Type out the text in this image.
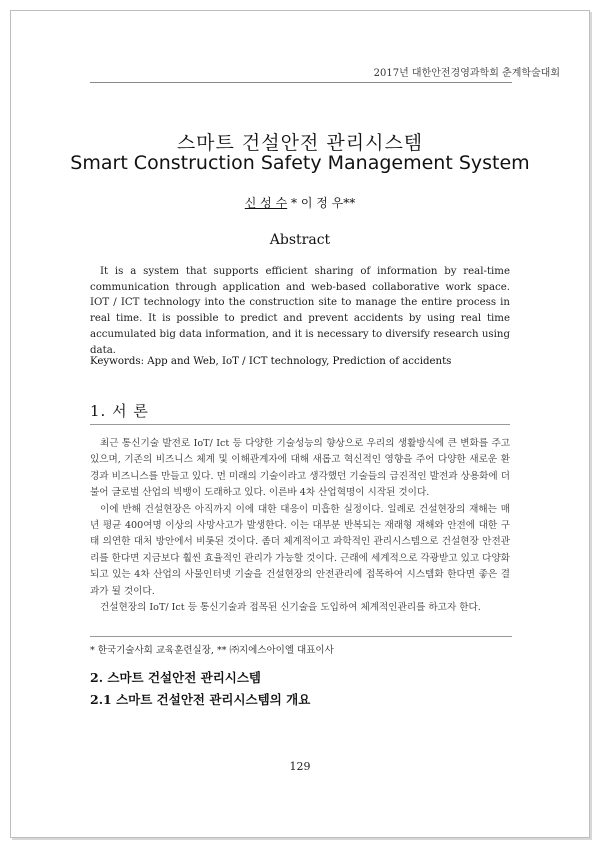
2017년 대한안전경영과학회 춘계학술대회
스마트 건설안전 관리시스템
Smart Construction Safety Management System
신 성 수 * 이 정 우**
Abstract

It is a system that supports efficient sharing of information by real-time communication through application and web-based collaborative work space. IOT / ICT technology into the construction site to manage the entire process in real time. It is possible to predict and prevent accidents by using real time accumulated big data information, and it is necessary to diversify research using data.

Keywords: App and Web, IoT / ICT technology, Prediction of accidents
1. 서 론

최근 통신기술 발전로 IoT/ Ict 등 다양한 기술성능의 향상으로 우리의 생활방식에 큰 변화를 주고 있으며, 기존의 비즈니스 체계 및 이해관계자에 대해 새롭고 혁신적인 영향을 주어 다양한 새로운 환경과 비즈니스를 만들고 있다. 먼 미래의 기술이라고 생각했던 기술들의 급진적인 발전과 상용화에 더불어 글로벌 산업의 빅뱅이 도래하고 있다. 이른바 4차 산업혁명이 시작된 것이다.

이에 반해 건설현장은 아직까지 이에 대한 대응이 미흡한 실정이다. 일례로 건설현장의 재해는 매년 평균 400여명 이상의 사망사고가 발생한다. 이는 대부분 반복되는 재래형 재해와 안전에 대한 구태 의연한 대처 방안에서 비롯된 것이다. 좀더 체계적이고 과학적인 관리시스템으로 건설현장 안전관리를 한다면 지금보다 훨씬 효율적인 관리가 가능할 것이다. 근래에 세계적으로 각광받고 있고 다양화되고 있는 4차 산업의 사물인터넷 기술을 건설현장의 안전관리에 접목하여 시스템화 한다면 좋은 결과가 될 것이다.

건설현장의 IoT/ Ict 등 통신기술과 접목된 신기술을 도입하여 체계적인관리를 하고자 한다.

* 한국기술사회 교육훈련실장, ** ㈜지에스아이엘 대표이사
2. 스마트 건설안전 관리시스템
2.1 스마트 건설안전 관리시스템의 개요
129
